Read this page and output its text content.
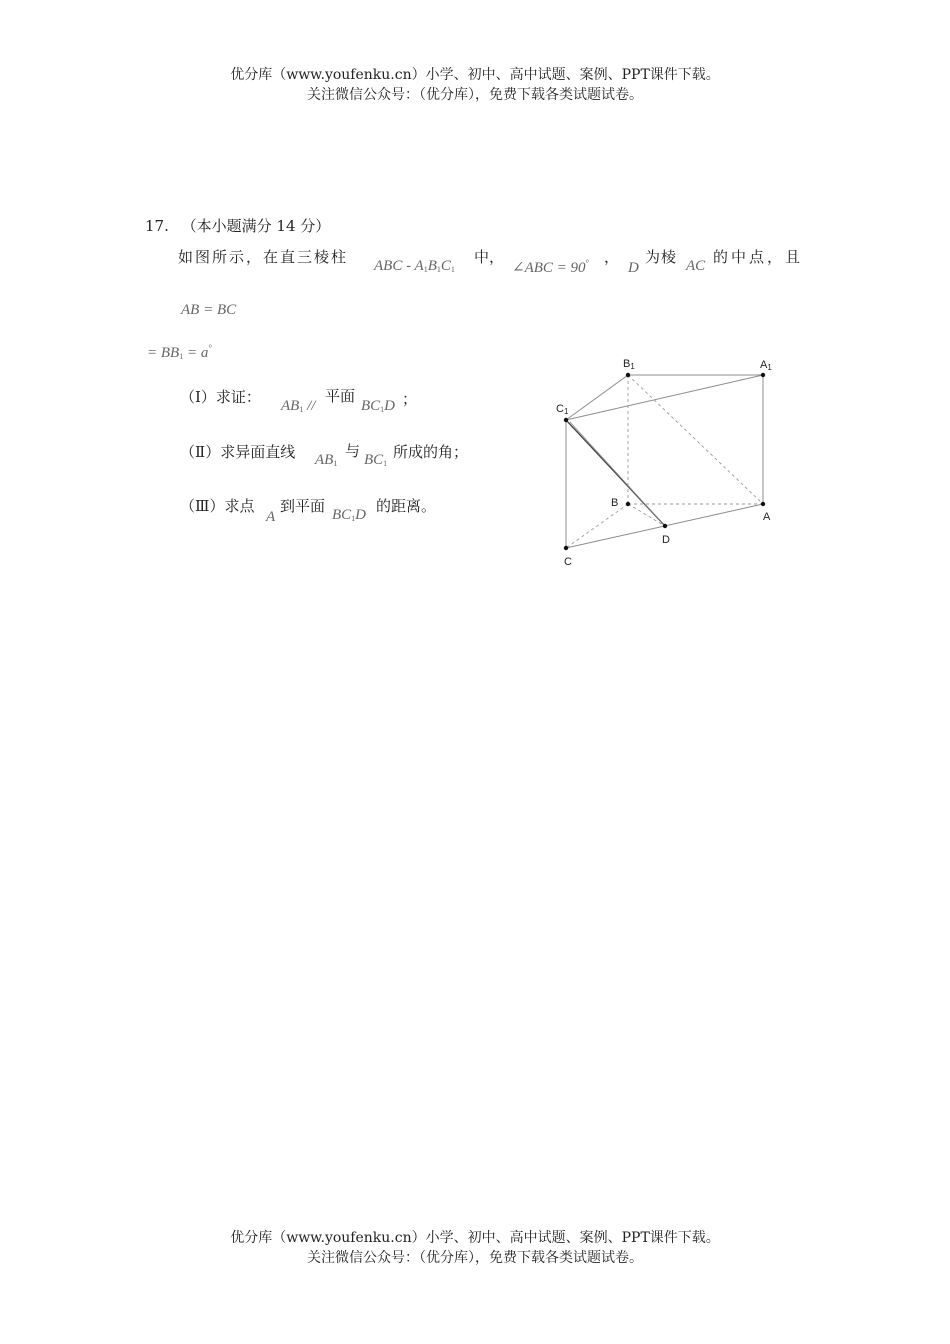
优分库（www.youfenku.cn）小学、初中、高中试题、案例、PPT课件下载。
关注微信公众号：（优分库），免费下载各类试题试卷。
17. （本小题满分 14 分）
如图所示，在直三棱柱 ABC - $A_1B_1C_1$
中，
∠ABC = 90° ，
D
为棱 AC 的中点，且
AB = BC
= $BB_1 = a^\circ$
（Ⅰ）求证： $AB_1$ //
平面
$BC_1D$ ；
（Ⅱ）求异面直线 $AB_1$
与 $BC_1$
所成的角；
（Ⅲ）求点
A
到平面 $BC_1D$ 的距离。
B1	A1
C1
B
A
D
C
优分库（www.youfenku.cn）小学、初中、高中试题、案例、PPT课件下载。
关注微信公众号：（优分库），免费下载各类试题试卷。
